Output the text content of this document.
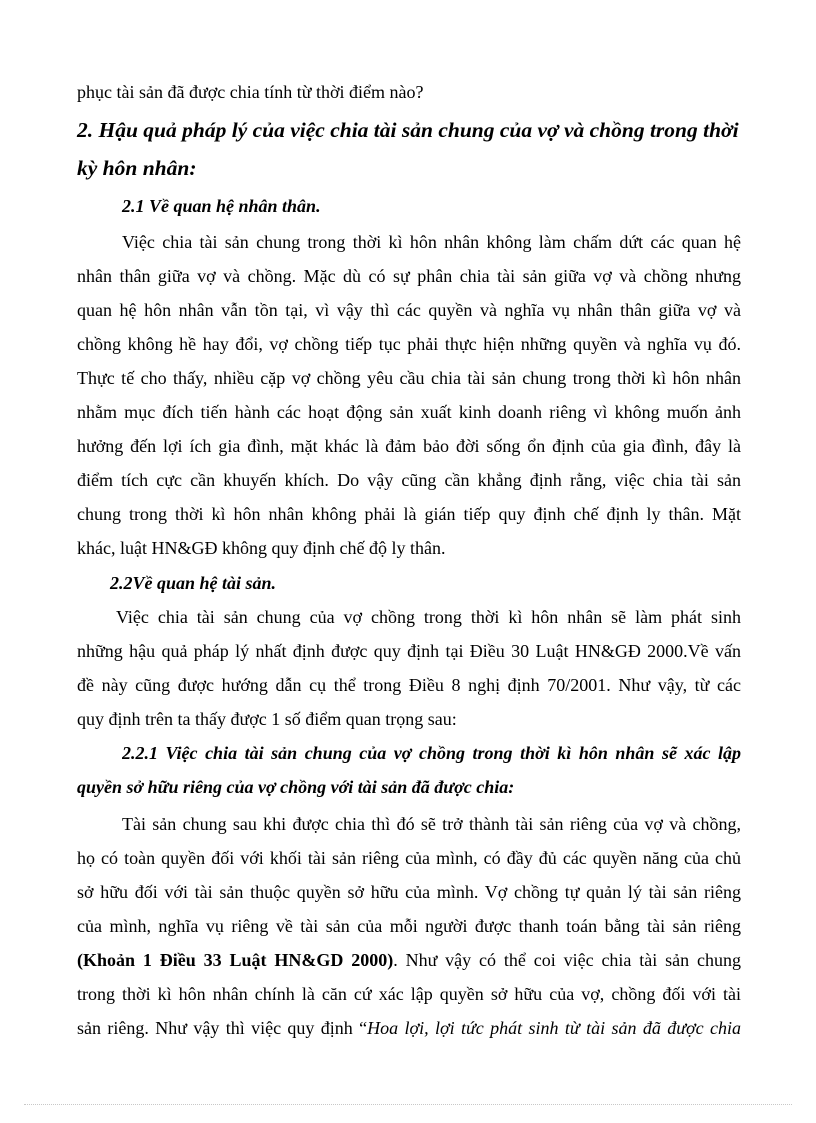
phục tài sản đã được chia tính từ thời điểm nào?
2. Hậu quả pháp lý của việc chia tài sản chung của vợ và chồng trong thời
kỳ hôn nhân:
2.1 Về quan hệ nhân thân.
Việc chia tài sản chung trong thời kì hôn nhân không làm chấm dứt các quan hệ
nhân thân giữa vợ và chồng. Mặc dù có sự phân chia tài sản giữa vợ và chồng nhưng
quan hệ hôn nhân vẫn tồn tại, vì vậy thì các quyền và nghĩa vụ nhân thân giữa vợ và
chồng không hề hay đổi, vợ chồng tiếp tục phải thực hiện những quyền và nghĩa vụ đó.
Thực tế cho thấy, nhiều cặp vợ chồng yêu cầu chia tài sản chung trong thời kì hôn nhân
nhằm mục đích tiến hành các hoạt động sản xuất kinh doanh riêng vì không muốn ảnh
hưởng đến lợi ích gia đình, mặt khác là đảm bảo đời sống ổn định của gia đình, đây là
điểm tích cực cần khuyến khích. Do vậy cũng cần khẳng định rằng, việc chia tài sản
chung trong thời kì hôn nhân không phải là gián tiếp quy định chế định ly thân. Mặt
khác, luật HN&GĐ không quy định chế độ ly thân.
2.2Về quan hệ tài sản.
Việc chia tài sản chung của vợ chồng trong thời kì hôn nhân sẽ làm phát sinh
những hậu quả pháp lý nhất định được quy định tại Điều 30 Luật HN&GĐ 2000.Về vấn
đề này cũng được hướng dẫn cụ thể trong Điều 8 nghị định 70/2001. Như vậy, từ các
quy định trên ta thấy được 1 số điểm quan trọng sau:
2.2.1 Việc chia tài sản chung của vợ chồng trong thời kì hôn nhân sẽ xác lập
quyền sở hữu riêng của vợ chồng với tài sản đã được chia:
Tài sản chung sau khi được chia thì đó sẽ trở thành tài sản riêng của vợ và chồng,
họ có toàn quyền đối với khối tài sản riêng của mình, có đầy đủ các quyền năng của chủ
sở hữu đối với tài sản thuộc quyền sở hữu của mình. Vợ chồng tự quản lý tài sản riêng
của mình, nghĩa vụ riêng về tài sản của mỗi người được thanh toán bằng tài sản riêng
(Khoản 1 Điều 33 Luật HN&GD 2000). Như vậy có thể coi việc chia tài sản chung
trong thời kì hôn nhân chính là căn cứ xác lập quyền sở hữu của vợ, chồng đối với tài
sản riêng. Như vậy thì việc quy định “Hoa lợi, lợi tức phát sinh từ tài sản đã được chia
